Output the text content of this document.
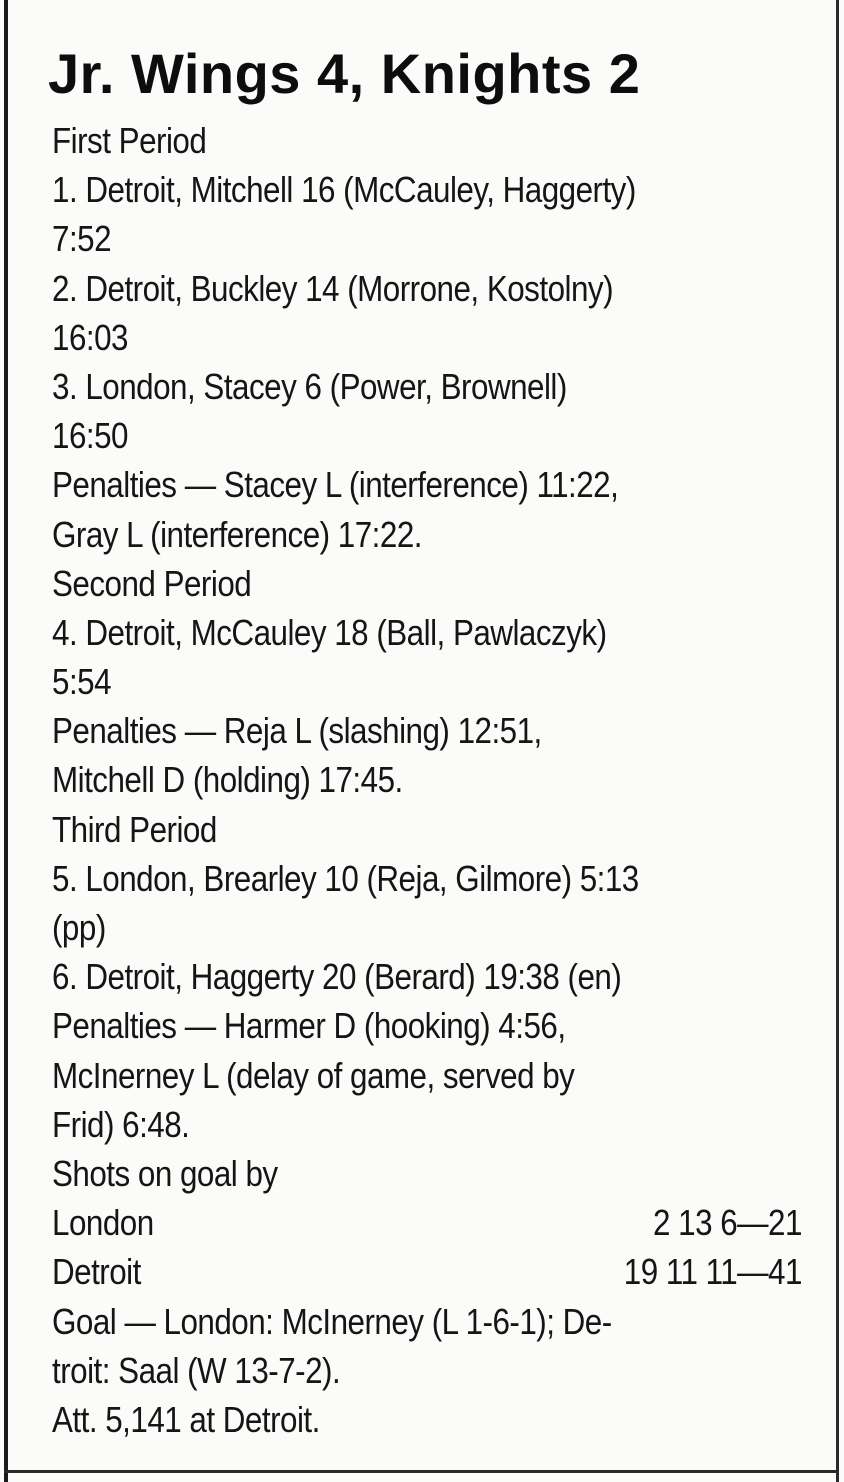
Jr. Wings 4, Knights 2
First Period
1. Detroit, Mitchell 16 (McCauley, Haggerty)
7:52
2. Detroit, Buckley 14 (Morrone, Kostolny)
16:03
3. London, Stacey 6 (Power, Brownell)
16:50
Penalties — Stacey L (interference) 11:22,
Gray L (interference) 17:22.
Second Period
4. Detroit, McCauley 18 (Ball, Pawlaczyk)
5:54
Penalties — Reja L (slashing) 12:51,
Mitchell D (holding) 17:45.
Third Period
5. London, Brearley 10 (Reja, Gilmore) 5:13
(pp)
6. Detroit, Haggerty 20 (Berard) 19:38 (en)
Penalties — Harmer D (hooking) 4:56,
McInerney L (delay of game, served by
Frid) 6:48.
Shots on goal by
London	2 13 6—21
Detroit	19 11 11—41
Goal — London: McInerney (L 1-6-1); De-
troit: Saal (W 13-7-2).
Att. 5,141 at Detroit.
